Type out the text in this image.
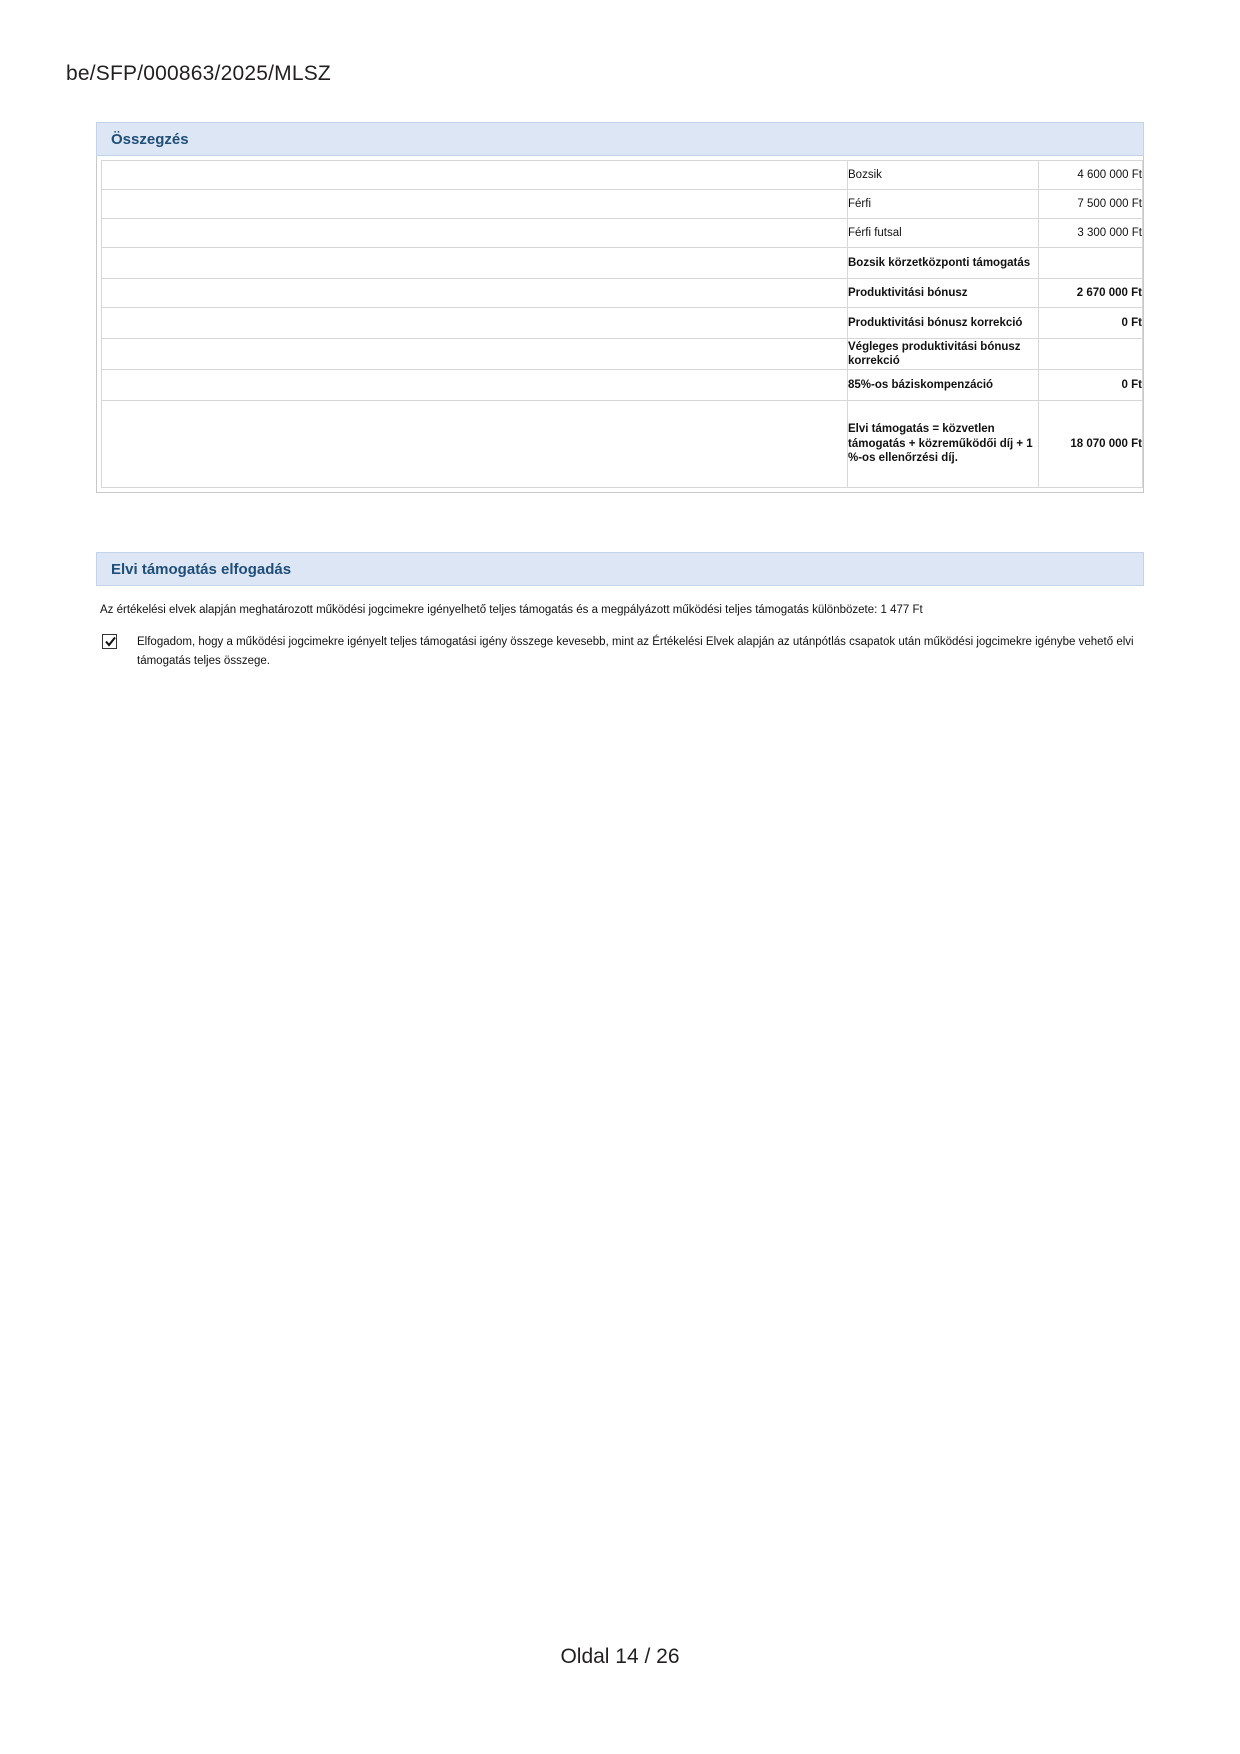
be/SFP/000863/2025/MLSZ
Összegzés
	Bozsik	4 600 000 Ft
	Férfi	7 500 000 Ft
	Férfi futsal	3 300 000 Ft
	Bozsik körzetközponti támogatás	
	Produktivitási bónusz	2 670 000 Ft
	Produktivitási bónusz korrekció	0 Ft
	Végleges produktivitási bónusz korrekció	
	85%-os báziskompenzáció	0 Ft
	Elvi támogatás = közvetlen támogatás + közreműködői díj + 1 %-os ellenőrzési díj.	18 070 000 Ft
Elvi támogatás elfogadás
Az értékelési elvek alapján meghatározott működési jogcimekre igényelhető teljes támogatás és a megpályázott működési teljes támogatás különbözete: 1 477 Ft
Elfogadom, hogy a működési jogcimekre igényelt teljes támogatási igény összege kevesebb, mint az Értékelési Elvek alapján az utánpótlás csapatok után működési jogcimekre igénybe vehető elvi támogatás teljes összege.
Oldal 14 / 26
